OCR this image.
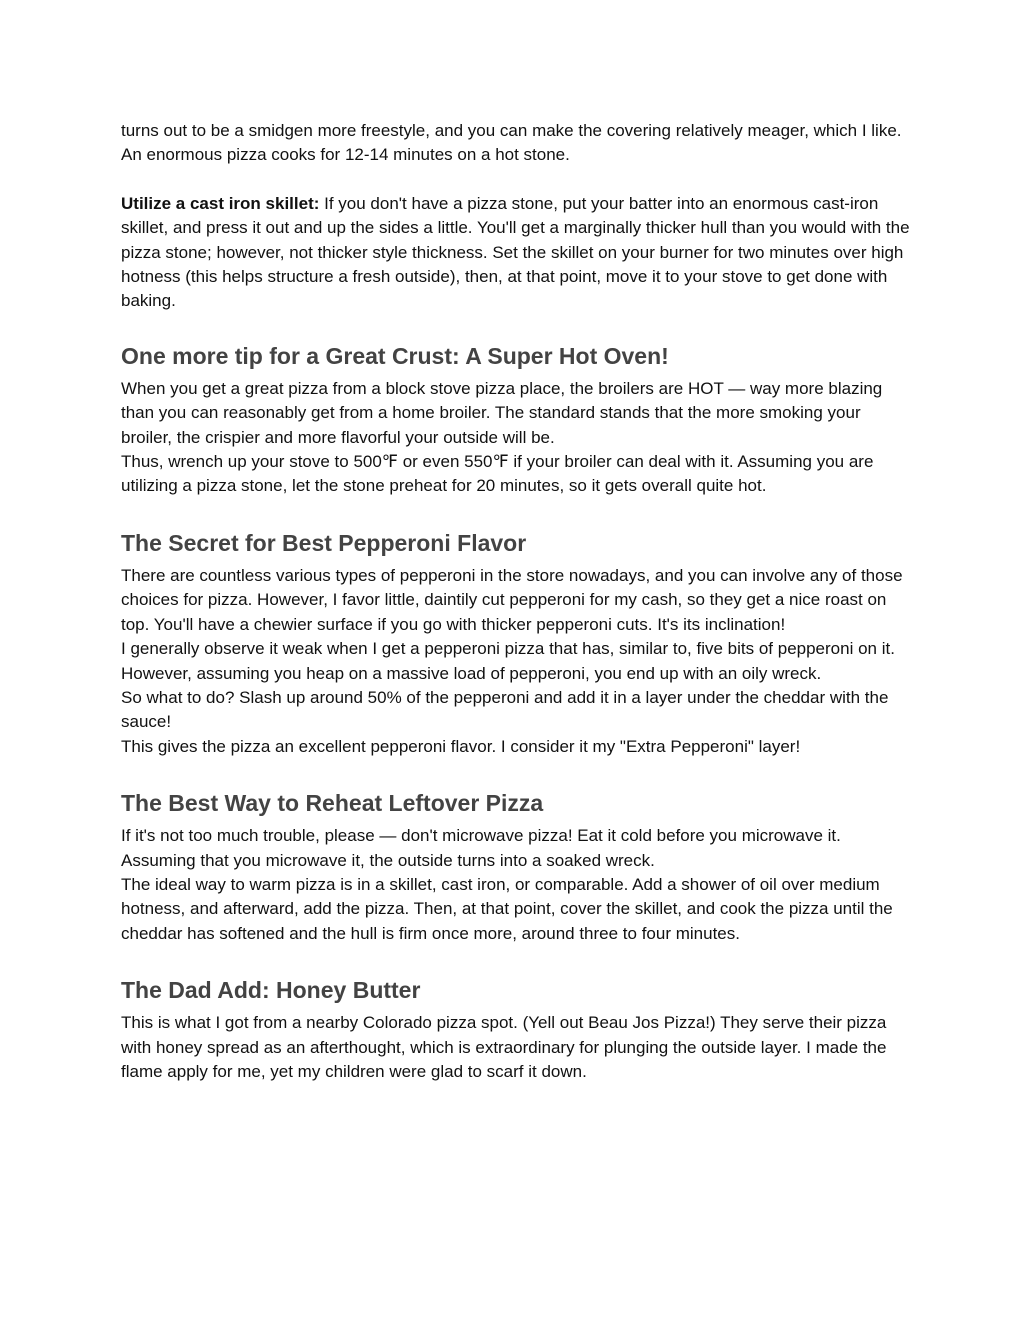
turns out to be a smidgen more freestyle, and you can make the covering relatively meager, which I like. An enormous pizza cooks for 12-14 minutes on a hot stone.

Utilize a cast iron skillet: If you don't have a pizza stone, put your batter into an enormous cast-iron skillet, and press it out and up the sides a little. You'll get a marginally thicker hull than you would with the pizza stone; however, not thicker style thickness. Set the skillet on your burner for two minutes over high hotness (this helps structure a fresh outside), then, at that point, move it to your stove to get done with baking.

One more tip for a Great Crust: A Super Hot Oven!

When you get a great pizza from a block stove pizza place, the broilers are HOT — way more blazing than you can reasonably get from a home broiler. The standard stands that the more smoking your broiler, the crispier and more flavorful your outside will be.

Thus, wrench up your stove to 500℉ or even 550℉ if your broiler can deal with it. Assuming you are utilizing a pizza stone, let the stone preheat for 20 minutes, so it gets overall quite hot.

The Secret for Best Pepperoni Flavor

There are countless various types of pepperoni in the store nowadays, and you can involve any of those choices for pizza. However, I favor little, daintily cut pepperoni for my cash, so they get a nice roast on top. You'll have a chewier surface if you go with thicker pepperoni cuts. It's its inclination!

I generally observe it weak when I get a pepperoni pizza that has, similar to, five bits of pepperoni on it. However, assuming you heap on a massive load of pepperoni, you end up with an oily wreck.

So what to do? Slash up around 50% of the pepperoni and add it in a layer under the cheddar with the sauce!

This gives the pizza an excellent pepperoni flavor. I consider it my "Extra Pepperoni" layer!

The Best Way to Reheat Leftover Pizza

If it's not too much trouble, please — don't microwave pizza! Eat it cold before you microwave it. Assuming that you microwave it, the outside turns into a soaked wreck.

The ideal way to warm pizza is in a skillet, cast iron, or comparable. Add a shower of oil over medium hotness, and afterward, add the pizza. Then, at that point, cover the skillet, and cook the pizza until the cheddar has softened and the hull is firm once more, around three to four minutes.

The Dad Add: Honey Butter

This is what I got from a nearby Colorado pizza spot. (Yell out Beau Jos Pizza!) They serve their pizza with honey spread as an afterthought, which is extraordinary for plunging the outside layer. I made the flame apply for me, yet my children were glad to scarf it down.
